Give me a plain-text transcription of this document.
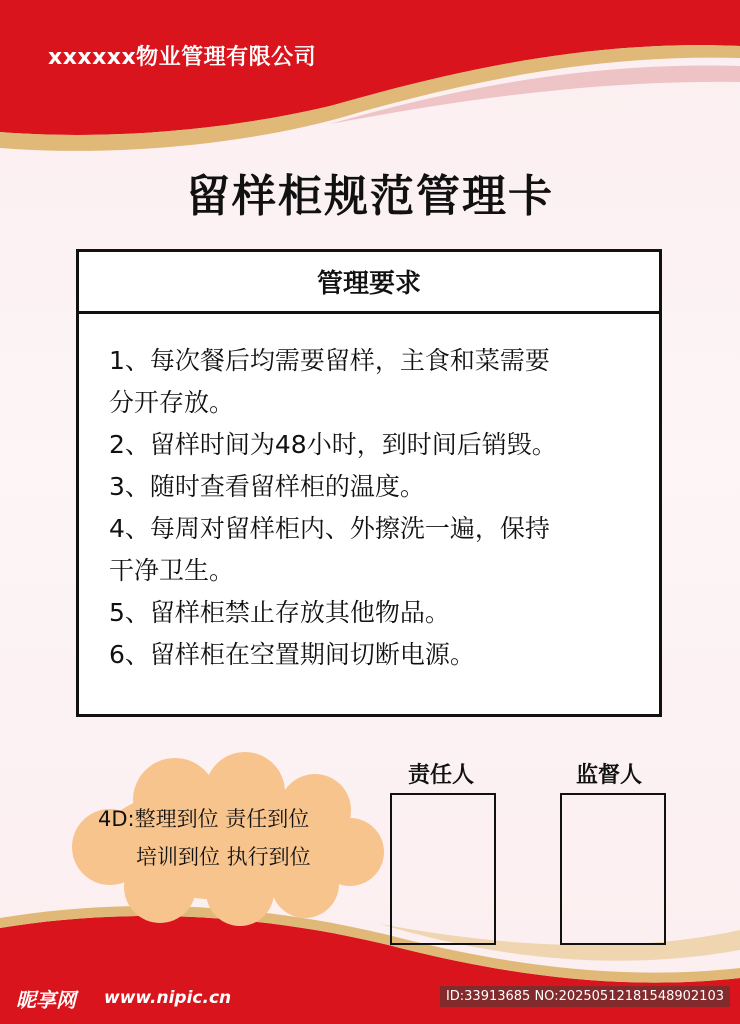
xxxxxx物业管理有限公司
留样柜规范管理卡
管理要求
1、每次餐后均需要留样，主食和菜需要
分开存放。
2、留样时间为48小时，到时间后销毁。
3、随时查看留样柜的温度。
4、每周对留样柜内、外擦洗一遍，保持
干净卫生。
5、留样柜禁止存放其他物品。
6、留样柜在空置期间切断电源。
4D:整理到位 责任到位
培训到位 执行到位
责任人	监督人
昵享网 www.nipic.cn	ID:33913685 NO:20250512181548902103
